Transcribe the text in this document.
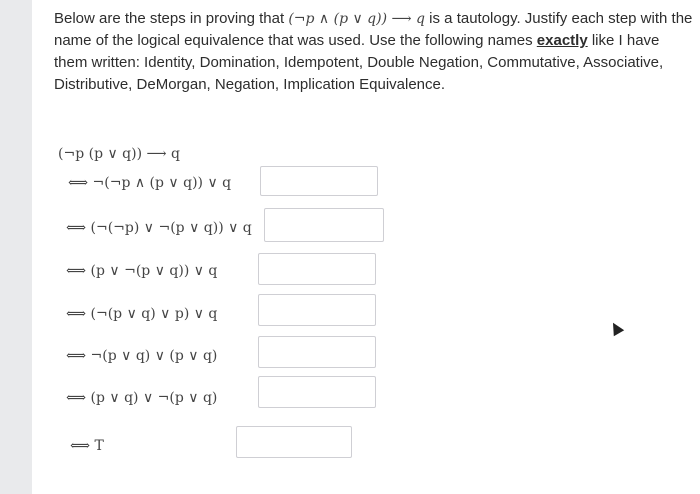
Below are the steps in proving that (¬p ∧ (p ∨ q)) ⟶ q is a tautology. Justify each step with the name of the logical equivalence that was used. Use the following names exactly like I have them written: Identity, Domination, Idempotent, Double Negation, Commutative, Associative, Distributive, DeMorgan, Negation, Implication Equivalence.
(¬p (p ∨ q)) ⟶ q
⟺ ¬(¬p ∧ (p ∨ q)) ∨ q
⟺ (¬(¬p) ∨ ¬(p ∨ q)) ∨ q
⟺ (p ∨ ¬(p ∨ q)) ∨ q
⟺ (¬(p ∨ q) ∨ p) ∨ q
⟺ ¬(p ∨ q) ∨ (p ∨ q)
⟺ (p ∨ q) ∨ ¬(p ∨ q)
⟺ T
